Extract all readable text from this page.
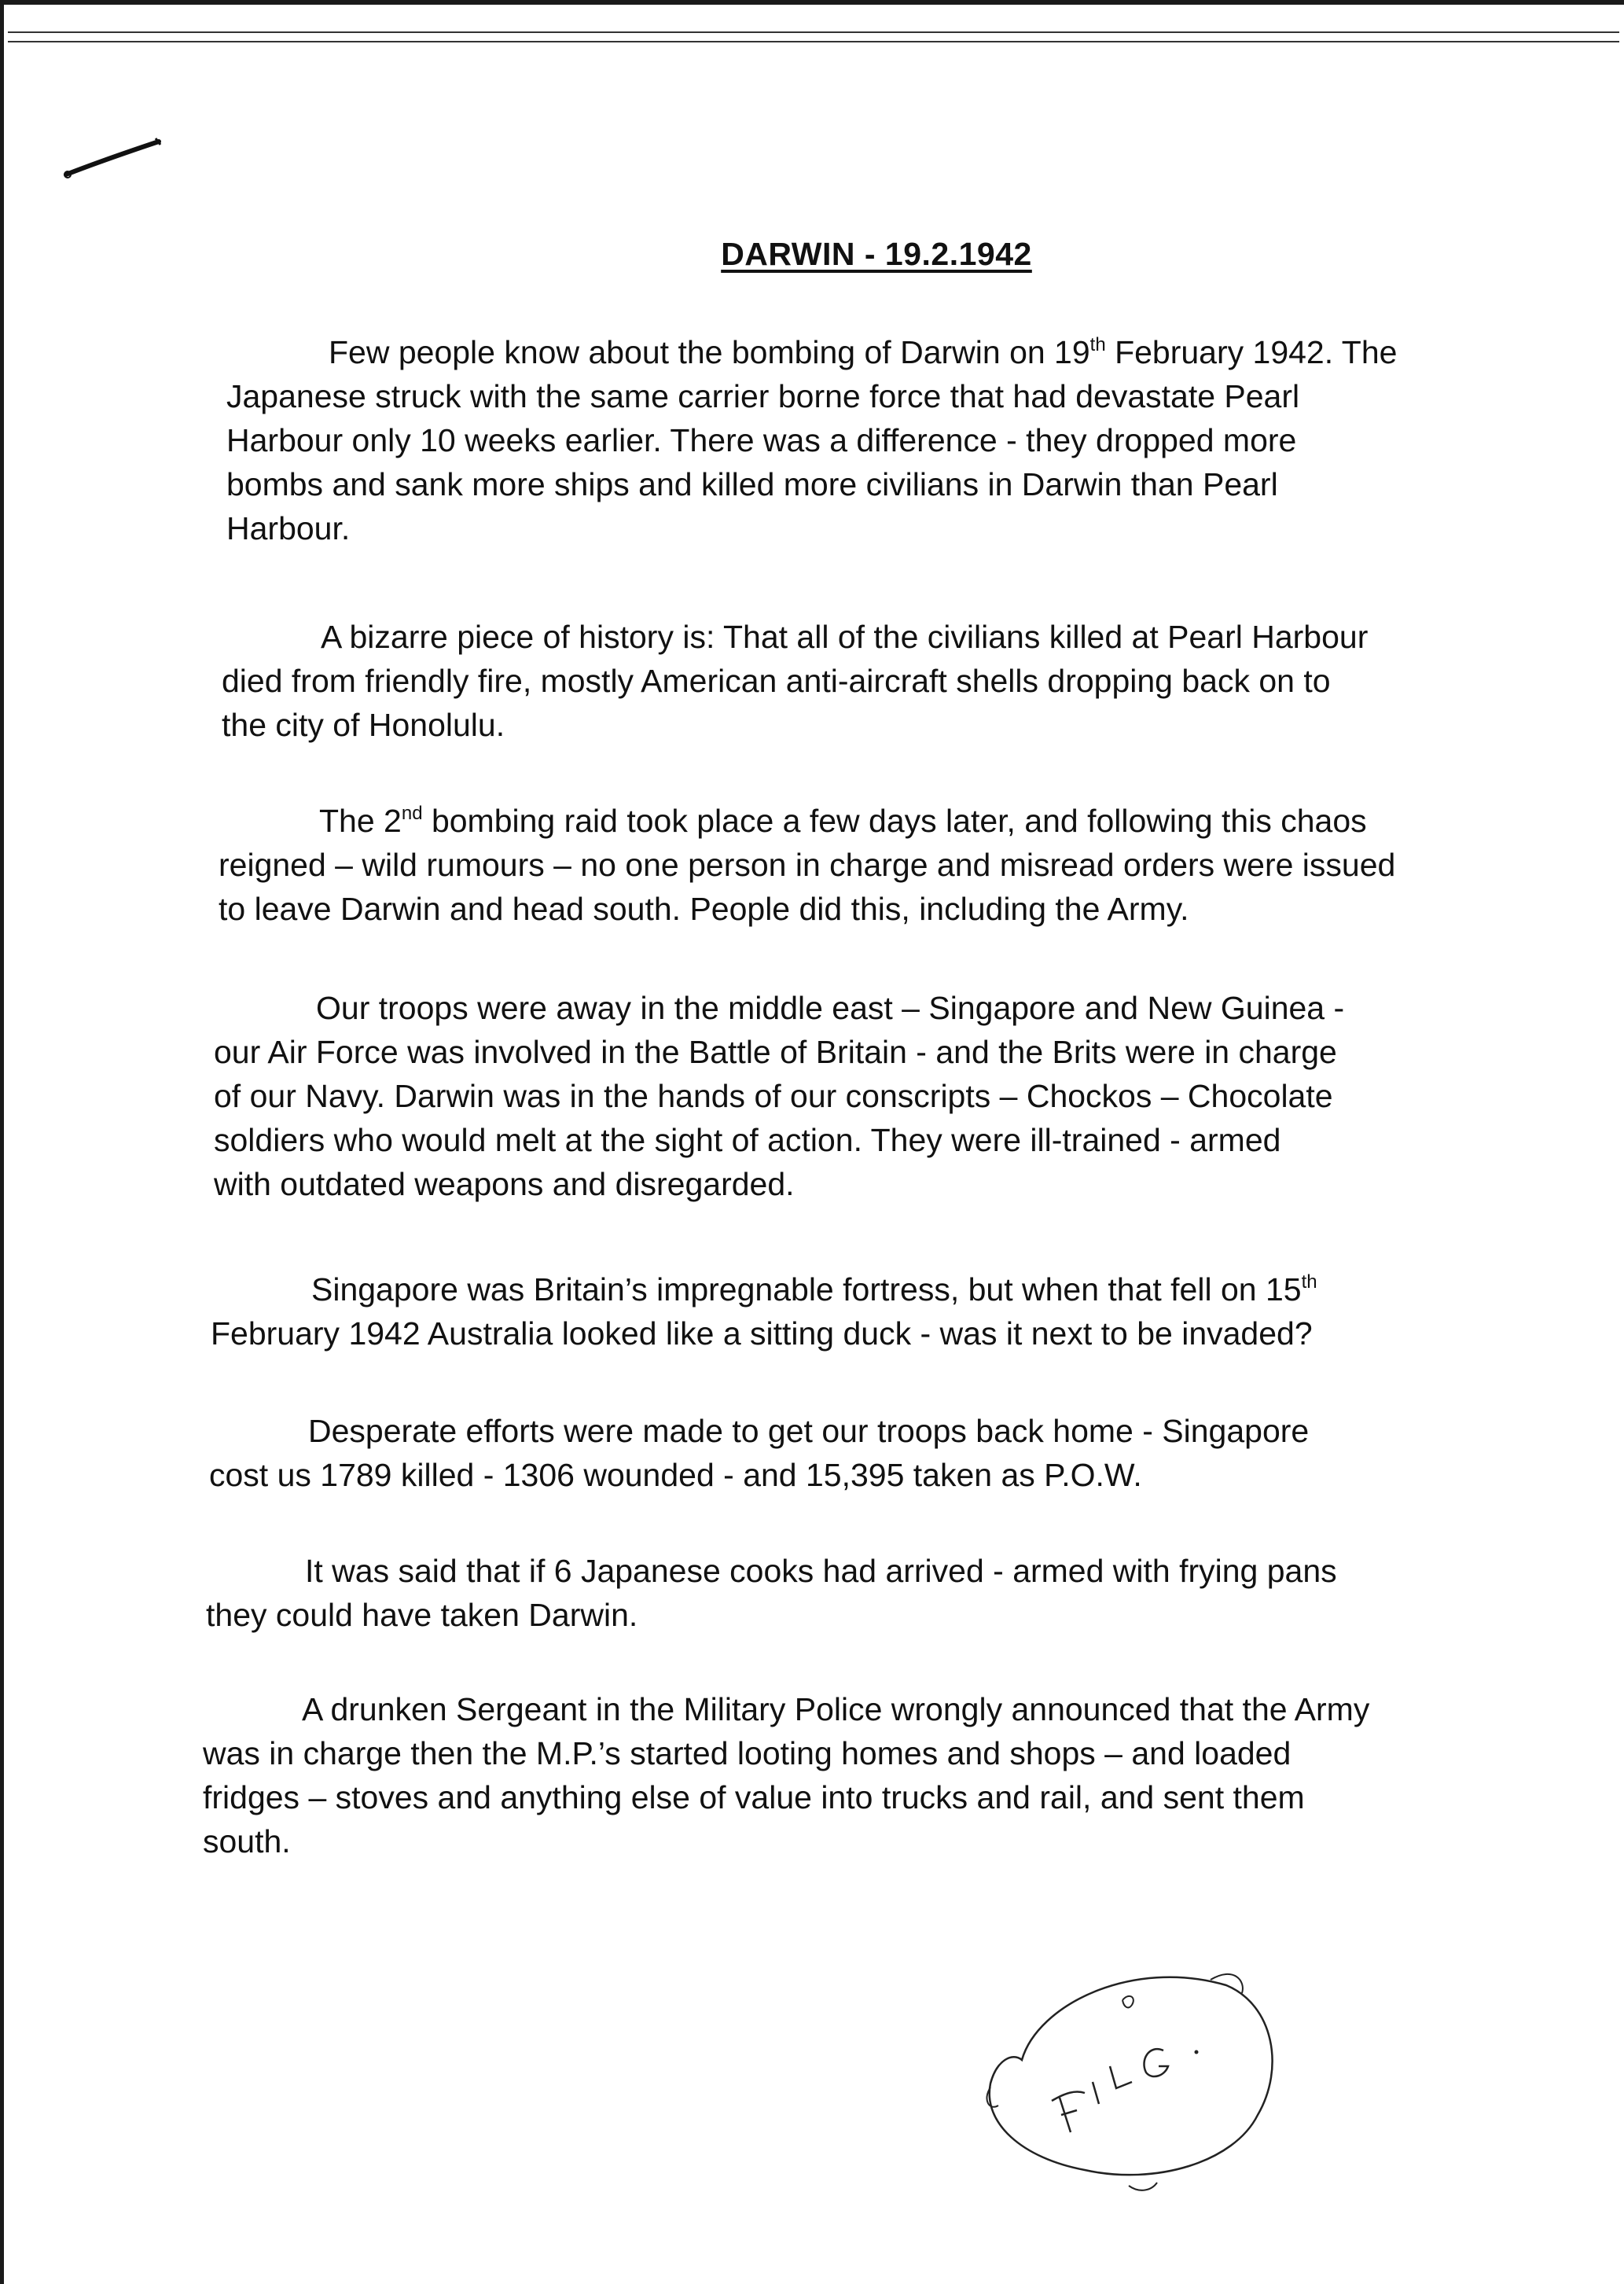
DARWIN - 19.2.1942
Few people know about the bombing of Darwin on 19th February 1942. The
Japanese struck with the same carrier borne force that had devastate Pearl
Harbour only 10 weeks earlier. There was a difference - they dropped more
bombs and sank more ships and killed more civilians in Darwin than Pearl
Harbour.
A bizarre piece of history is: That all of the civilians killed at Pearl Harbour
died from friendly fire, mostly American anti-aircraft shells dropping back on to
the city of Honolulu.
The 2nd bombing raid took place a few days later, and following this chaos
reigned – wild rumours – no one person in charge and misread orders were issued
to leave Darwin and head south. People did this, including the Army.
Our troops were away in the middle east – Singapore and New Guinea -
our Air Force was involved in the Battle of Britain - and the Brits were in charge
of our Navy. Darwin was in the hands of our conscripts – Chockos – Chocolate
soldiers who would melt at the sight of action. They were ill-trained - armed
with outdated weapons and disregarded.
Singapore was Britain’s impregnable fortress, but when that fell on 15th
February 1942 Australia looked like a sitting duck - was it next to be invaded?
Desperate efforts were made to get our troops back home - Singapore
cost us 1789 killed - 1306 wounded - and 15,395 taken as P.O.W.
It was said that if 6 Japanese cooks had arrived - armed with frying pans
they could have taken Darwin.
A drunken Sergeant in the Military Police wrongly announced that the Army
was in charge then the M.P.’s started looting homes and shops – and loaded
fridges – stoves and anything else of value into trucks and rail, and sent them
south.
FILG
